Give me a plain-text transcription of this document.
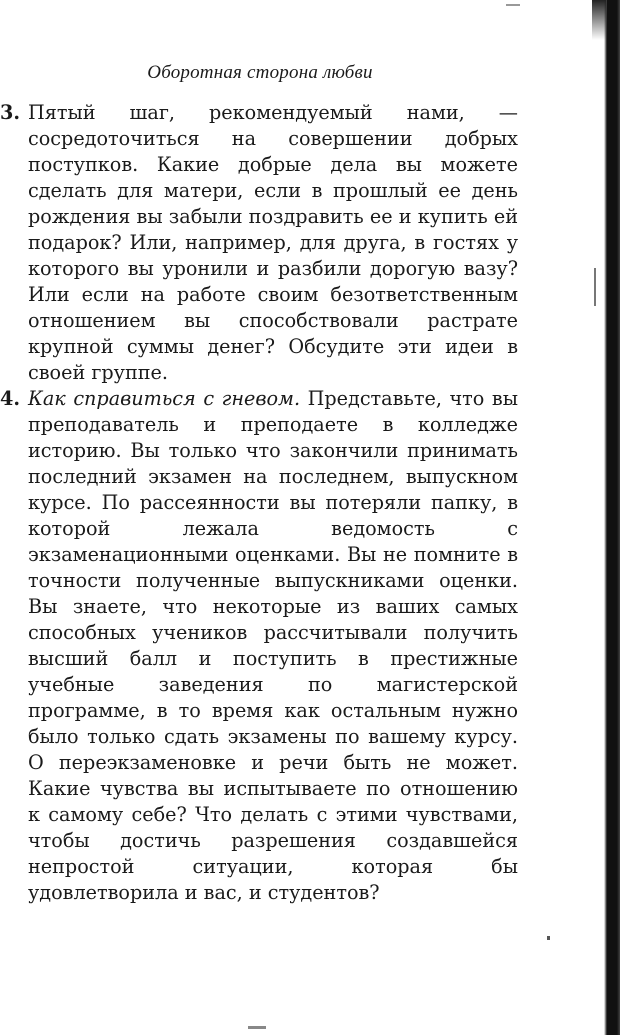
Оборотная сторона любви
3. Пятый шаг, рекомендуемый нами, — сосредоточиться на совершении добрых поступков. Какие добрые дела вы можете сделать для матери, если в прошлый ее день рождения вы забыли поздравить ее и купить ей подарок? Или, например, для друга, в гостях у которого вы уронили и разбили дорогую вазу? Или если на работе своим безответственным отношением вы способствовали растрате крупной суммы денег? Обсудите эти идеи в своей группе.
4. Как справиться с гневом. Представьте, что вы преподаватель и преподаете в колледже историю. Вы только что закончили принимать последний экзамен на последнем, выпускном курсе. По рассеянности вы потеряли папку, в которой лежала ведомость с экзаменационными оценками. Вы не помните в точности полученные выпускниками оценки. Вы знаете, что некоторые из ваших самых способных учеников рассчитывали получить высший балл и поступить в престижные учебные заведения по магистерской программе, в то время как остальным нужно было только сдать экзамены по вашему курсу. О переэкзаменовке и речи быть не может. Какие чувства вы испытываете по отношению к самому себе? Что делать с этими чувствами, чтобы достичь разрешения создавшейся непростой ситуации, которая бы удовлетворила и вас, и студентов?
